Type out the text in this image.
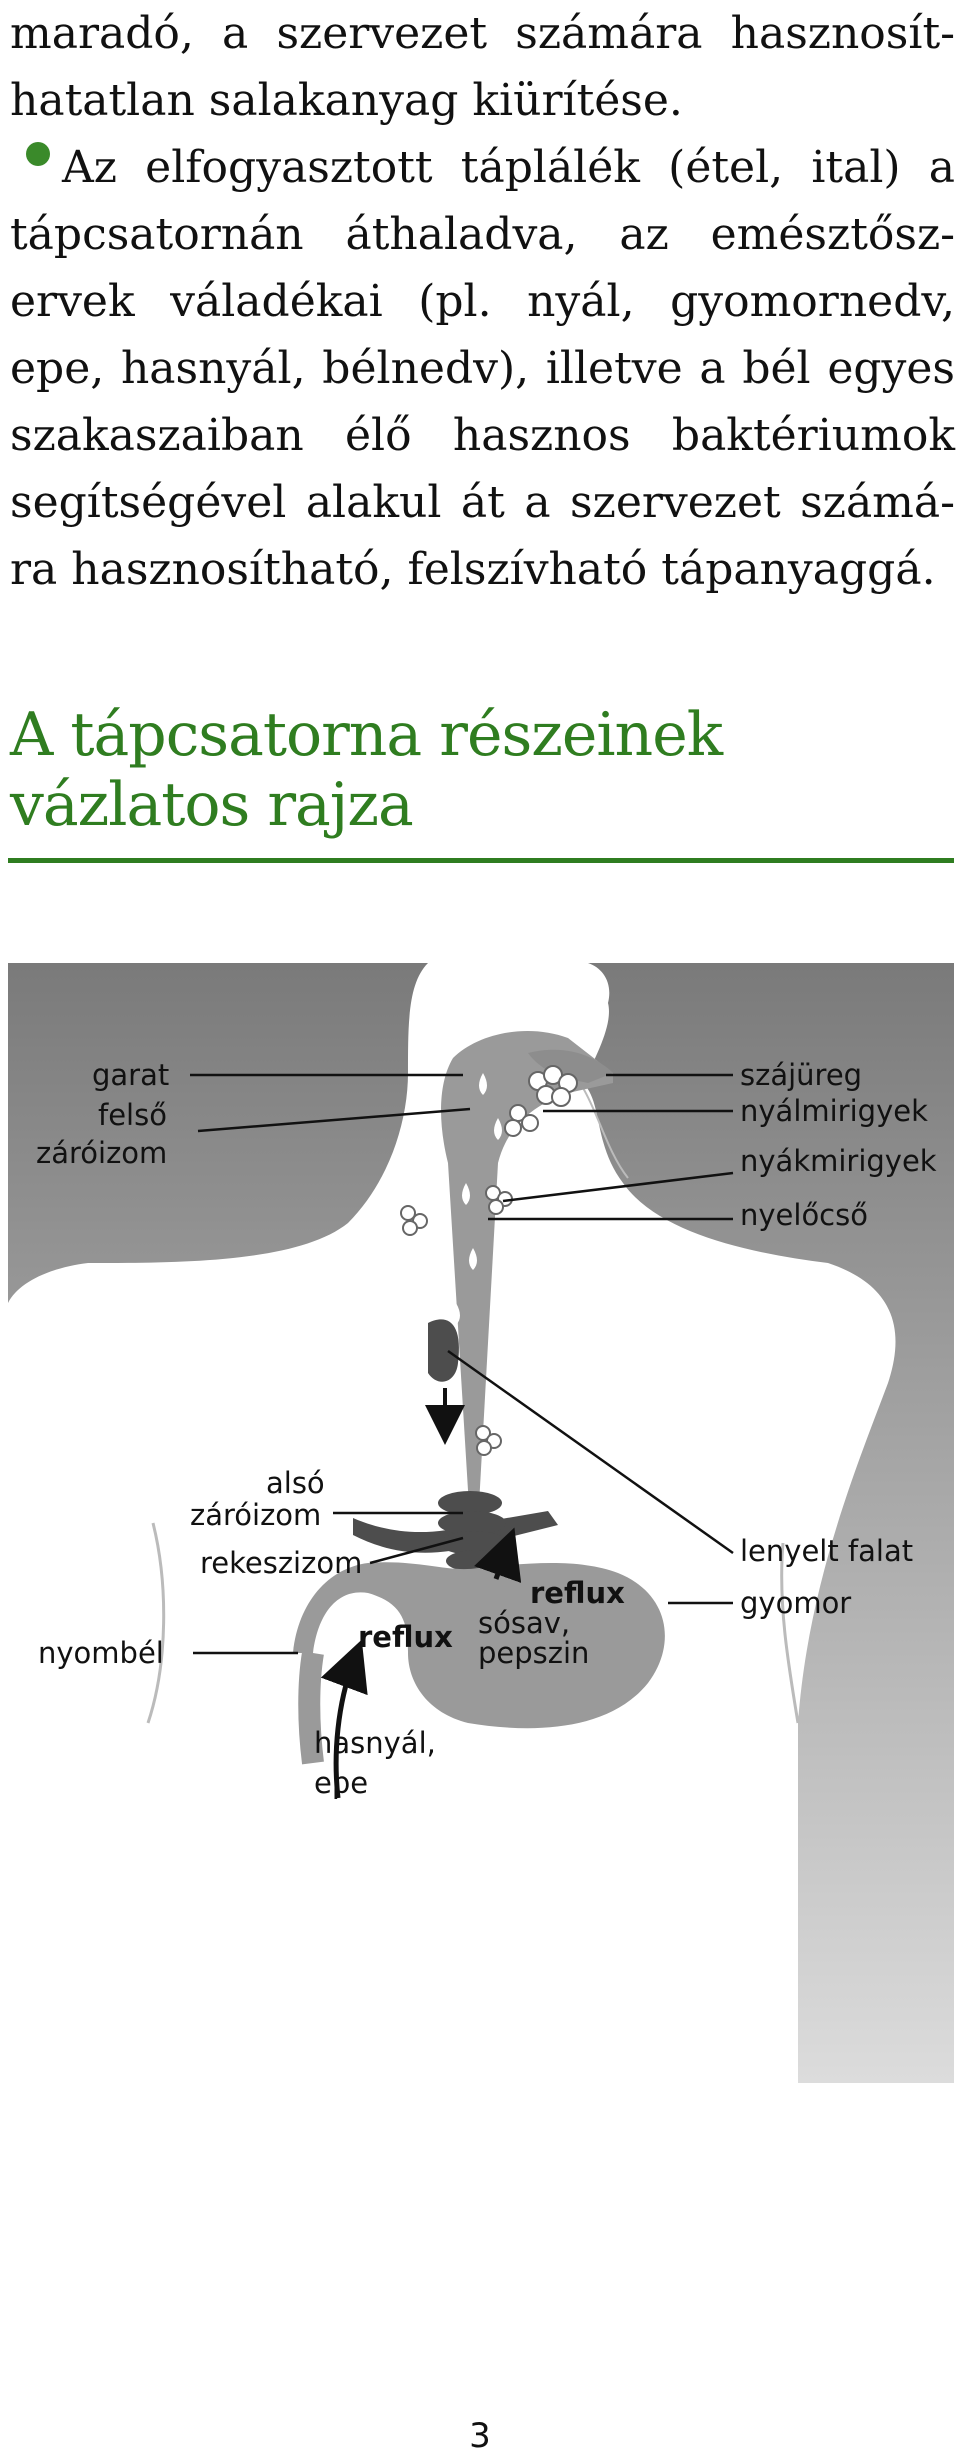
maradó, a szervezet számára hasznosít-
hatatlan salakanyag kiürítése.
Az elfogyasztott táplálék (étel, ital) a
tápcsatornán áthaladva, az emésztősz-
ervek váladékai (pl. nyál, gyomornedv,
epe, hasnyál, bélnedv), illetve a bél egyes
szakaszaiban élő hasznos baktériumok
segítségével alakul át a szervezet számá-
ra hasznosítható, felszívható tápanyaggá.
A tápcsatorna részeinek
vázlatos rajza
garat
felső
záróizom
alsó
záróizom
rekeszizom
nyombél	reflux
hasnyál,
epe
reflux
sósav,
pepszin
szájüreg
nyálmirigyek
nyákmirigyek
nyelőcső
lenyelt falat
gyomor
3
